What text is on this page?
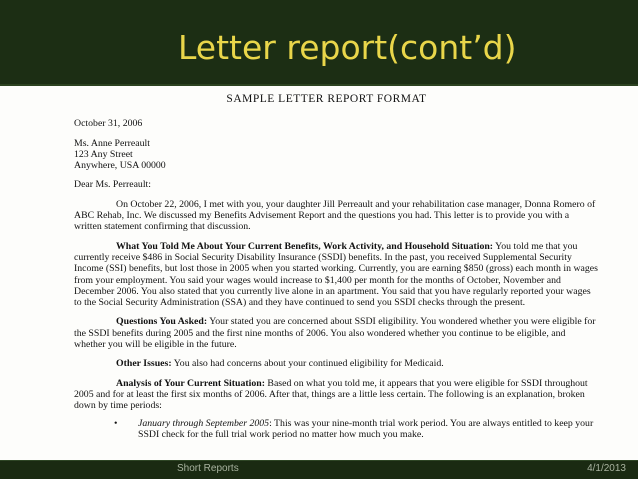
Letter report(cont’d)
SAMPLE LETTER REPORT FORMAT

October 31, 2006

Ms. Anne Perreault

123 Any Street

Anywhere, USA 00000

Dear Ms. Perreault:

On October 22, 2006, I met with you, your daughter Jill Perreault and your rehabilitation case manager, Donna Romero of ABC Rehab, Inc. We discussed my Benefits Advisement Report and the questions you had. This letter is to provide you with a written statement confirming that discussion.

What You Told Me About Your Current Benefits, Work Activity, and Household Situation: You told me that you currently receive $486 in Social Security Disability Insurance (SSDI) benefits. In the past, you received Supplemental Security Income (SSI) benefits, but lost those in 2005 when you started working. Currently, you are earning $850 (gross) each month in wages from your employment. You said your wages would increase to $1,400 per month for the months of October, November and December 2006. You also stated that you currently live alone in an apartment. You said that you have regularly reported your wages to the Social Security Administration (SSA) and they have continued to send you SSDI checks through the present.

Questions You Asked: Your stated you are concerned about SSDI eligibility. You wondered whether you were eligible for the SSDI benefits during 2005 and the first nine months of 2006. You also wondered whether you continue to be eligible, and whether you will be eligible in the future.

Other Issues: You also had concerns about your continued eligibility for Medicaid.

Analysis of Your Current Situation: Based on what you told me, it appears that you were eligible for SSDI throughout 2005 and for at least the first six months of 2006. After that, things are a little less certain. The following is an explanation, broken down by time periods:

•	January through September 2005: This was your nine-month trial work period. You are always entitled to keep your SSDI check for the full trial work period no matter how much you make.
Short Reports	4/1/2013
